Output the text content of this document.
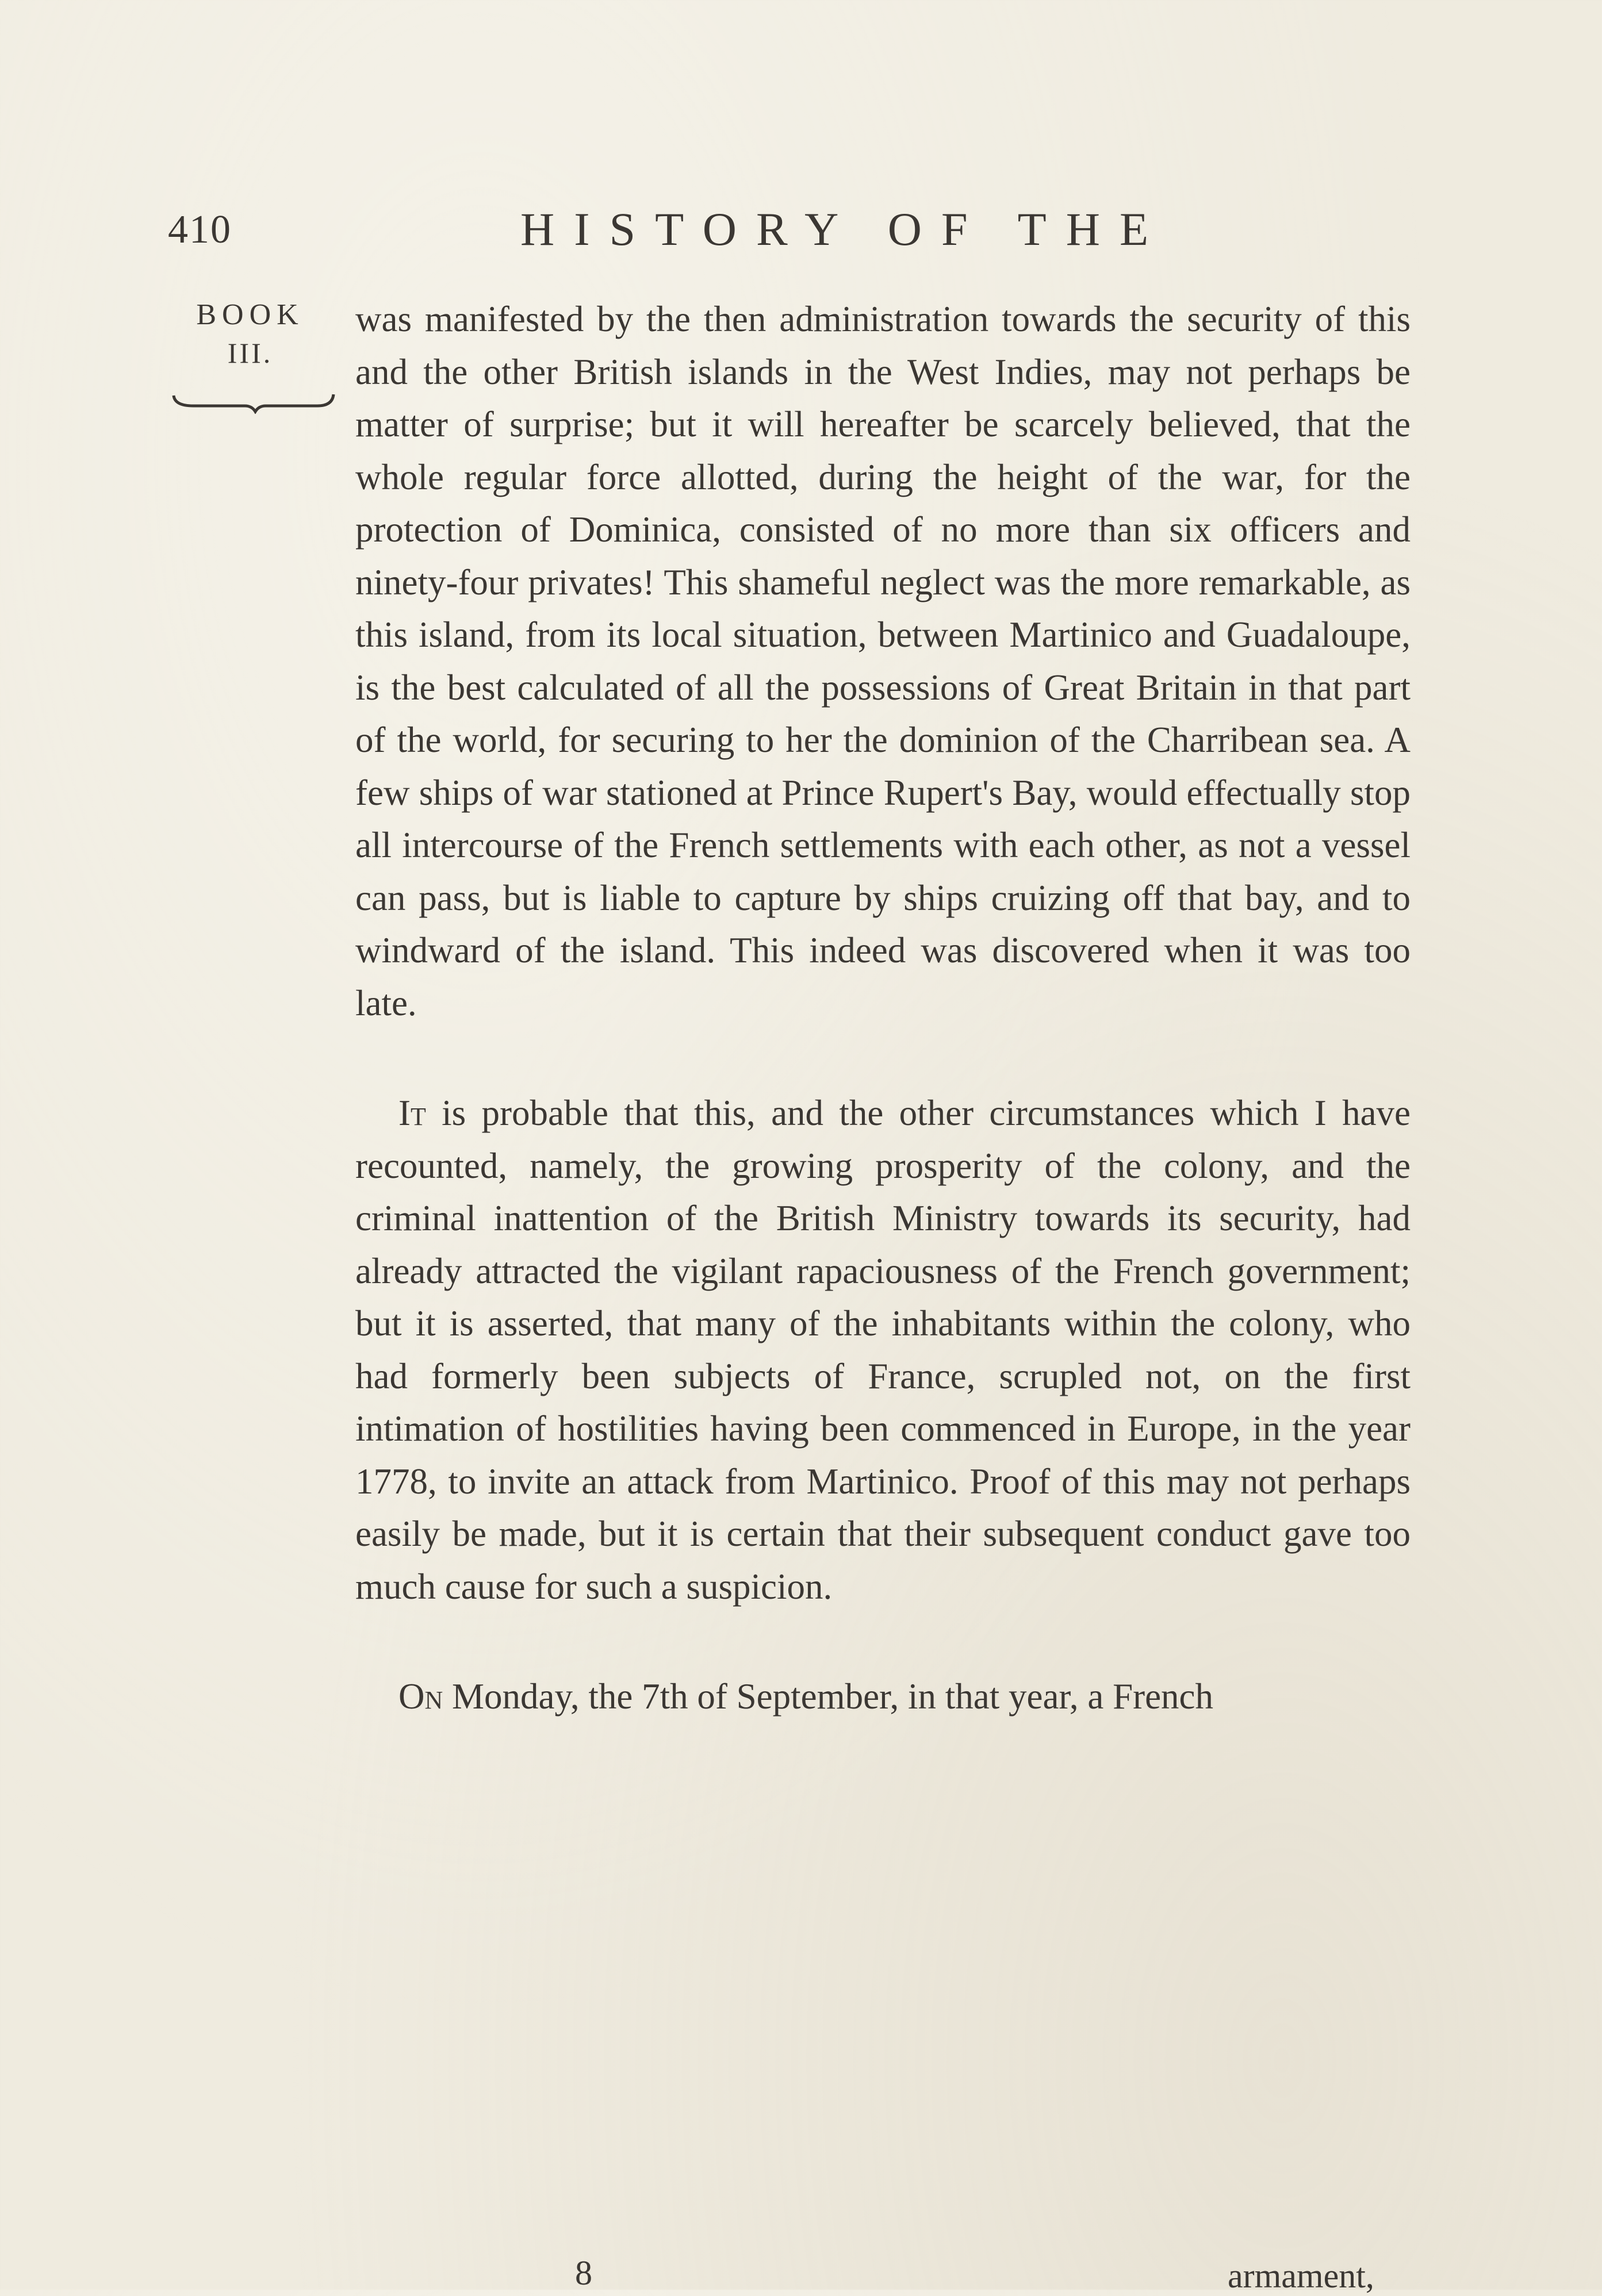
410	HISTORY OF THE
BOOK
III.

was manifested by the then administration towards the security of this and the other British islands in the West Indies, may not perhaps be matter of surprise; but it will hereafter be scarcely believed, that the whole regular force allotted, during the height of the war, for the protection of Dominica, consisted of no more than six officers and ninety-four privates! This shameful neglect was the more remarkable, as this island, from its local situation, between Martinico and Guadaloupe, is the best calculated of all the possessions of Great Britain in that part of the world, for securing to her the dominion of the Charribean sea. A few ships of war stationed at Prince Rupert's Bay, would effectually stop all intercourse of the French settlements with each other, as not a vessel can pass, but is liable to capture by ships cruizing off that bay, and to windward of the island. This indeed was discovered when it was too late.

It is probable that this, and the other circumstances which I have recounted, namely, the growing prosperity of the colony, and the criminal inattention of the British Ministry towards its security, had already attracted the vigilant rapaciousness of the French government; but it is asserted, that many of the inhabitants within the colony, who had formerly been subjects of France, scrupled not, on the first intimation of hostilities having been commenced in Europe, in the year 1778, to invite an attack from Martinico. Proof of this may not perhaps easily be made, but it is certain that their subsequent conduct gave too much cause for such a suspicion.

On Monday, the 7th of September, in that year, a French

8	armament,
